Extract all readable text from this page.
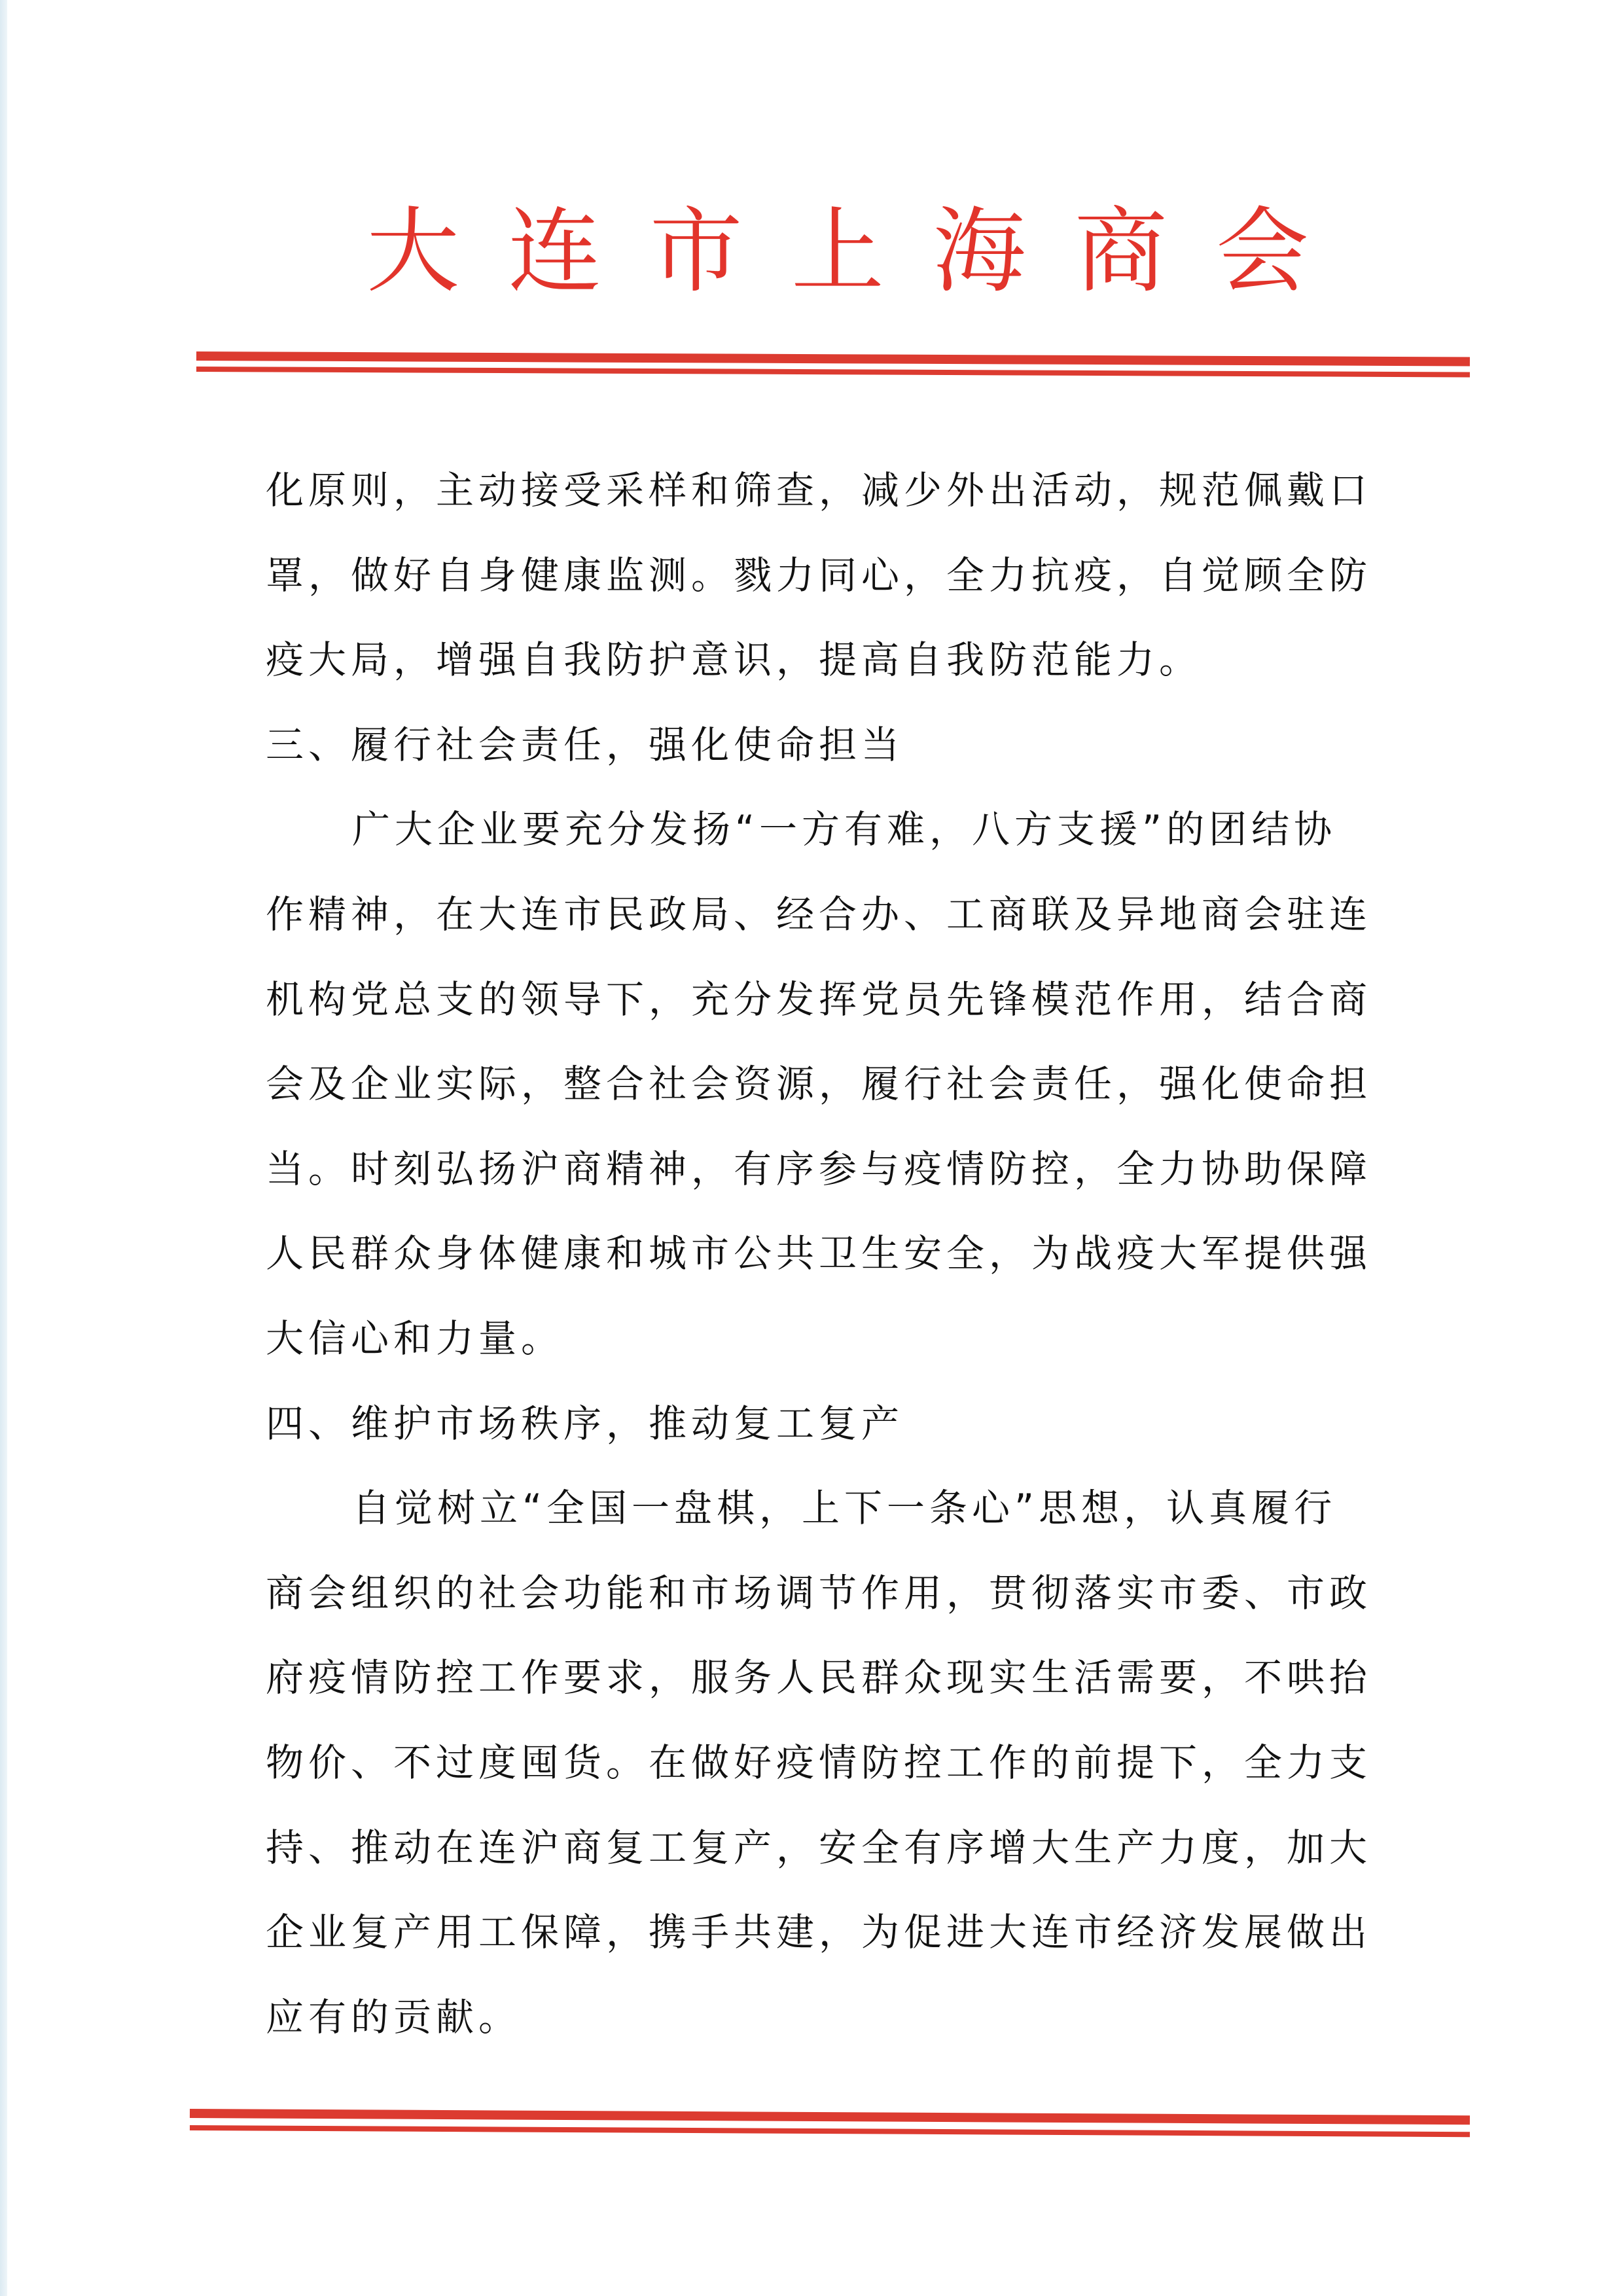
大 连 市 上 海 商 会
化原则，主动接受采样和筛查，减少外出活动，规范佩戴口
罩，做好自身健康监测。戮力同心，全力抗疫，自觉顾全防
疫大局，增强自我防护意识，提高自我防范能力。
三、履行社会责任，强化使命担当
广大企业要充分发扬“一方有难，八方支援”的团结协
作精神，在大连市民政局、经合办、工商联及异地商会驻连
机构党总支的领导下，充分发挥党员先锋模范作用，结合商
会及企业实际，整合社会资源，履行社会责任，强化使命担
当。时刻弘扬沪商精神，有序参与疫情防控，全力协助保障
人民群众身体健康和城市公共卫生安全，为战疫大军提供强
大信心和力量。
四、维护市场秩序，推动复工复产
自觉树立“全国一盘棋，上下一条心”思想，认真履行
商会组织的社会功能和市场调节作用，贯彻落实市委、市政
府疫情防控工作要求，服务人民群众现实生活需要，不哄抬
物价、不过度囤货。在做好疫情防控工作的前提下，全力支
持、推动在连沪商复工复产，安全有序增大生产力度，加大
企业复产用工保障，携手共建，为促进大连市经济发展做出
应有的贡献。
